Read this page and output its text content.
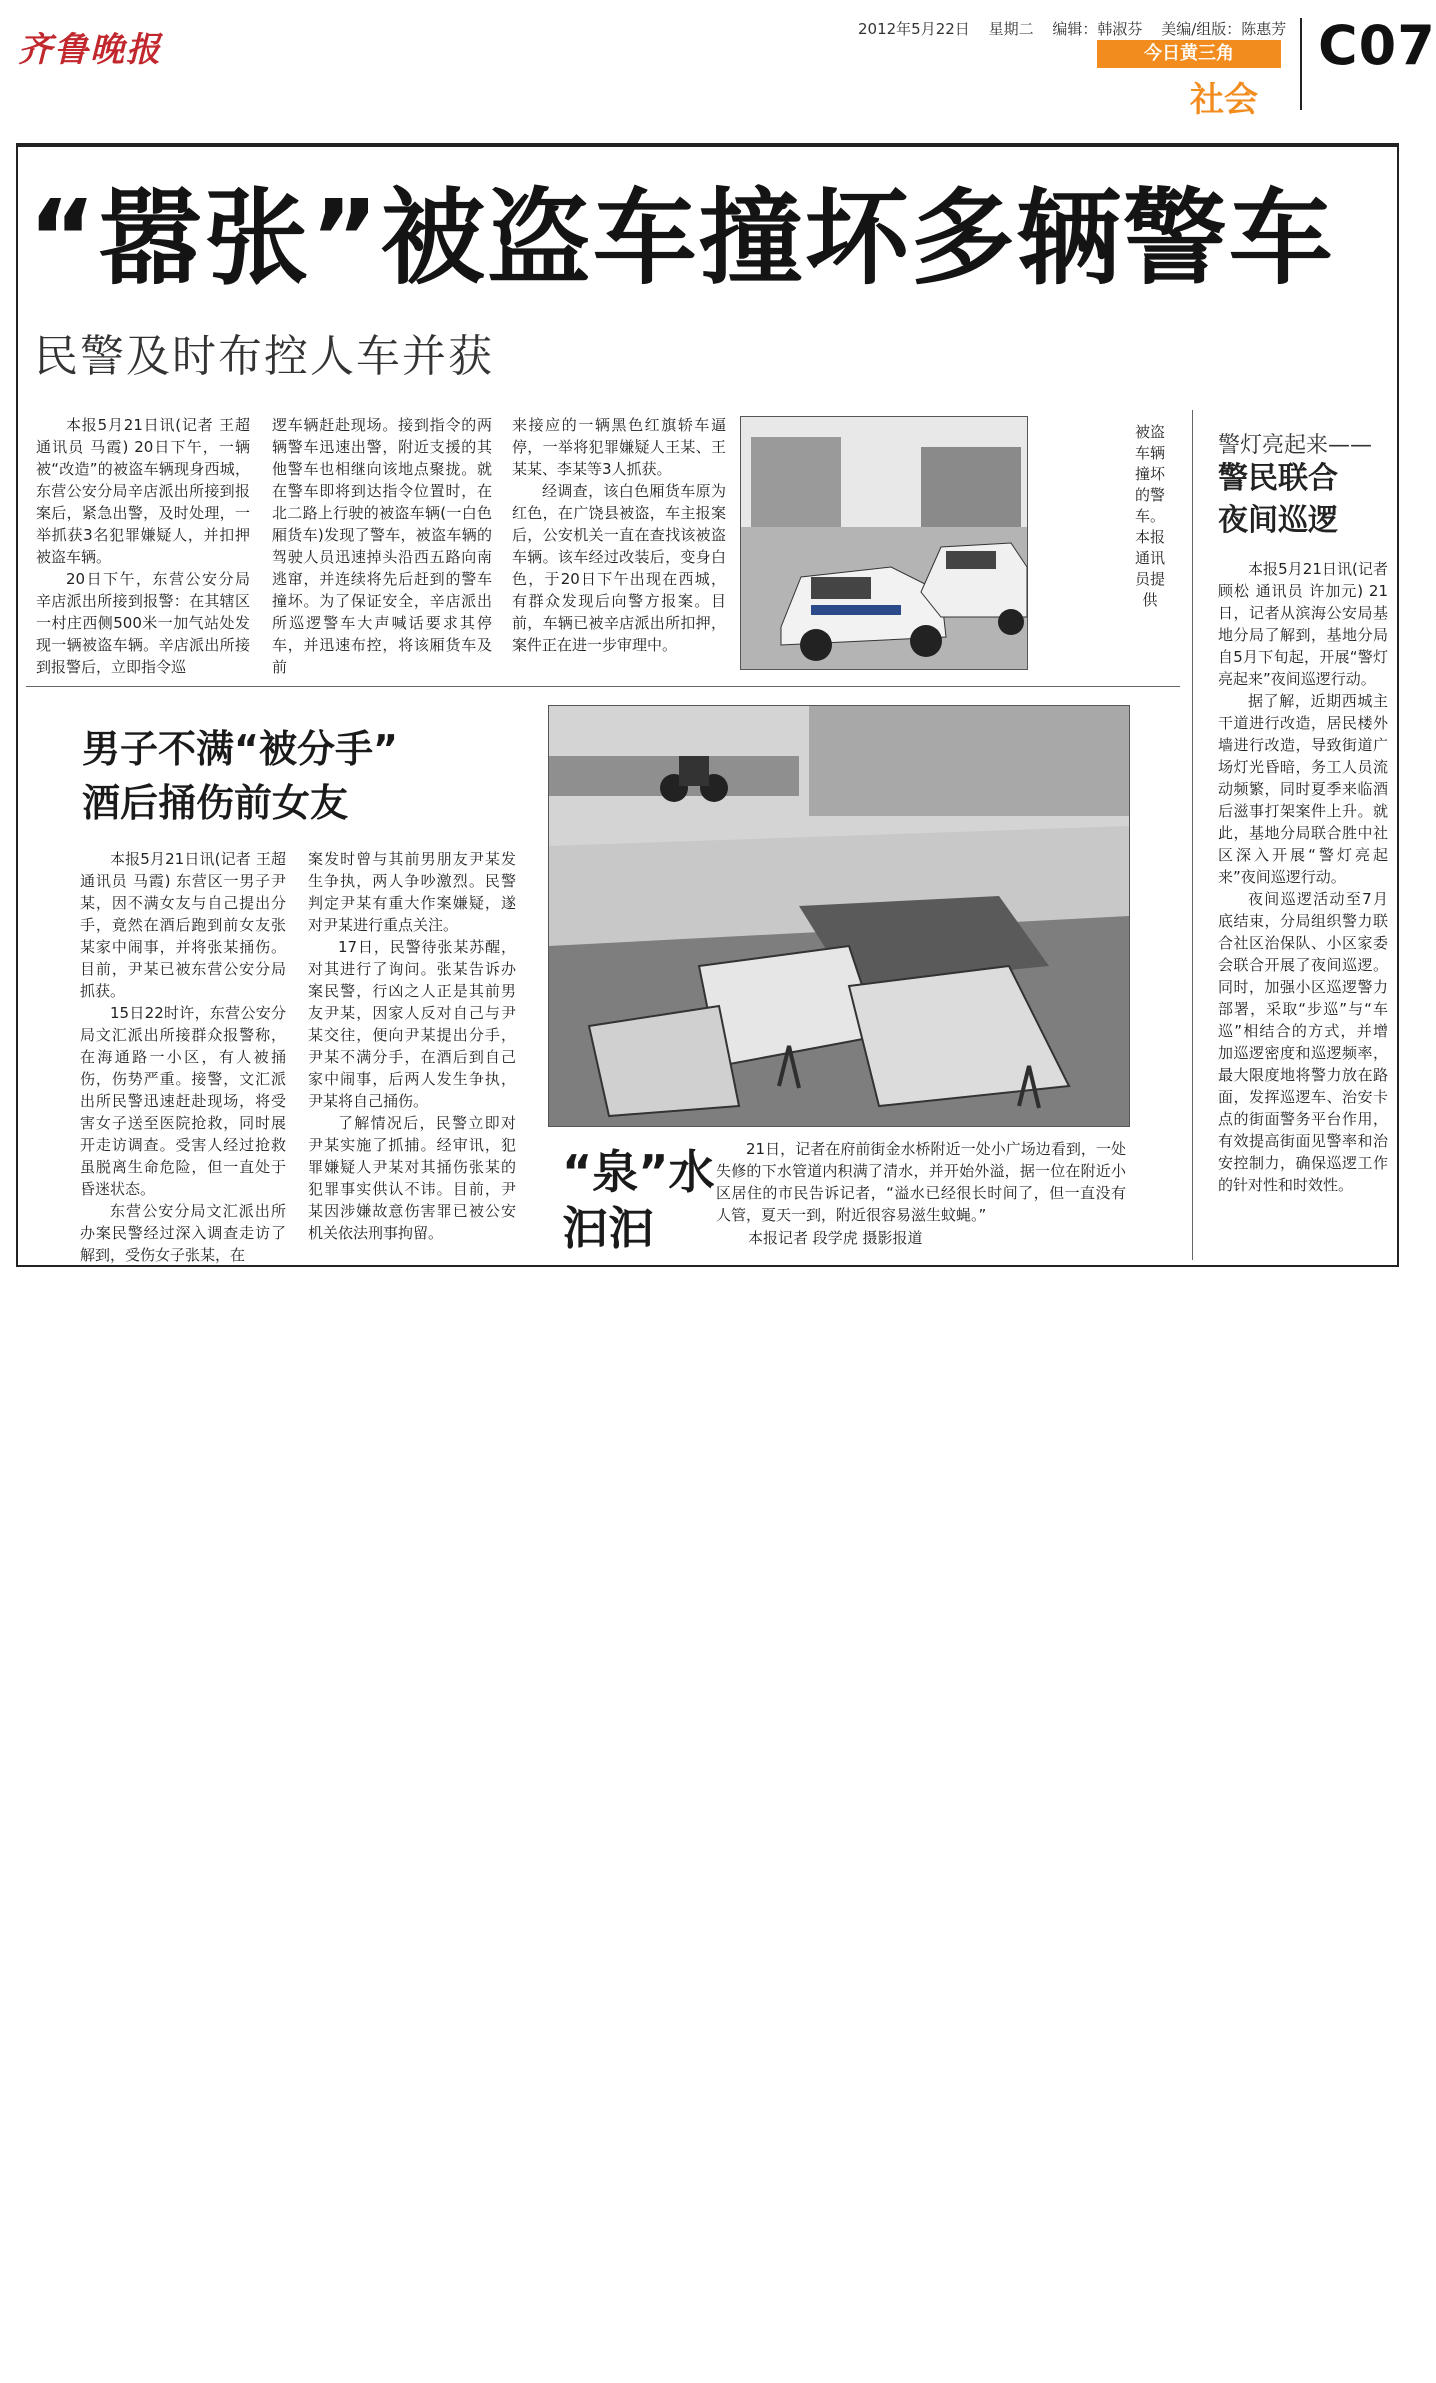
齐鲁晚报
2012年5月22日 星期二 编辑：韩淑芬 美编/组版：陈惠芳
今日黄三角
社会
C07
“嚣张”被盗车撞坏多辆警车
民警及时布控人车并获

本报5月21日讯(记者 王超 通讯员 马霞) 20日下午，一辆被“改造”的被盗车辆现身西城，东营公安分局辛店派出所接到报案后，紧急出警，及时处理，一举抓获3名犯罪嫌疑人，并扣押被盗车辆。

20日下午，东营公安分局辛店派出所接到报警：在其辖区一村庄西侧500米一加气站处发现一辆被盗车辆。辛店派出所接到报警后，立即指令巡

逻车辆赶赴现场。接到指令的两辆警车迅速出警，附近支援的其他警车也相继向该地点聚拢。就在警车即将到达指令位置时，在北二路上行驶的被盗车辆(一白色厢货车)发现了警车，被盗车辆的驾驶人员迅速掉头沿西五路向南逃窜，并连续将先后赶到的警车撞坏。为了保证安全，辛店派出所巡逻警车大声喊话要求其停车，并迅速布控，将该厢货车及前

来接应的一辆黑色红旗轿车逼停，一举将犯罪嫌疑人王某、王某某、李某等3人抓获。

经调查，该白色厢货车原为红色，在广饶县被盗，车主报案后，公安机关一直在查找该被盗车辆。该车经过改装后，变身白色，于20日下午出现在西城，有群众发现后向警方报案。目前，车辆已被辛店派出所扣押，案件正在进一步审理中。

被盗车辆撞坏的警车。本报通讯员提供
男子不满“被分手”
酒后捅伤前女友

本报5月21日讯(记者 王超 通讯员 马霞) 东营区一男子尹某，因不满女友与自己提出分手，竟然在酒后跑到前女友张某家中闹事，并将张某捅伤。目前，尹某已被东营公安分局抓获。

15日22时许，东营公安分局文汇派出所接群众报警称，在海通路一小区，有人被捅伤，伤势严重。接警，文汇派出所民警迅速赶赴现场，将受害女子送至医院抢救，同时展开走访调查。受害人经过抢救虽脱离生命危险，但一直处于昏迷状态。

东营公安分局文汇派出所办案民警经过深入调查走访了解到，受伤女子张某，在

案发时曾与其前男朋友尹某发生争执，两人争吵激烈。民警判定尹某有重大作案嫌疑，遂对尹某进行重点关注。

17日，民警待张某苏醒，对其进行了询问。张某告诉办案民警，行凶之人正是其前男友尹某，因家人反对自己与尹某交往，便向尹某提出分手，尹某不满分手，在酒后到自己家中闹事，后两人发生争执，尹某将自己捅伤。

了解情况后，民警立即对尹某实施了抓捕。经审讯，犯罪嫌疑人尹某对其捅伤张某的犯罪事实供认不讳。目前，尹某因涉嫌故意伤害罪已被公安机关依法刑事拘留。

“泉”水
汩汩
21日，记者在府前街金水桥附近一处小广场边看到，一处失修的下水管道内积满了清水，并开始外溢，据一位在附近小区居住的市民告诉记者，“溢水已经很长时间了，但一直没有人管，夏天一到，附近很容易滋生蚊蝇。”
本报记者 段学虎 摄影报道
警灯亮起来——
警民联合
夜间巡逻

本报5月21日讯(记者 顾松 通讯员 许加元) 21日，记者从滨海公安局基地分局了解到，基地分局自5月下旬起，开展“警灯亮起来”夜间巡逻行动。

据了解，近期西城主干道进行改造，居民楼外墙进行改造，导致街道广场灯光昏暗，务工人员流动频繁，同时夏季来临酒后滋事打架案件上升。就此，基地分局联合胜中社区深入开展“警灯亮起来”夜间巡逻行动。

夜间巡逻活动至7月底结束，分局组织警力联合社区治保队、小区家委会联合开展了夜间巡逻。同时，加强小区巡逻警力部署，采取“步巡”与“车巡”相结合的方式，并增加巡逻密度和巡逻频率，最大限度地将警力放在路面，发挥巡逻车、治安卡点的街面警务平台作用，有效提高街面见警率和治安控制力，确保巡逻工作的针对性和时效性。
